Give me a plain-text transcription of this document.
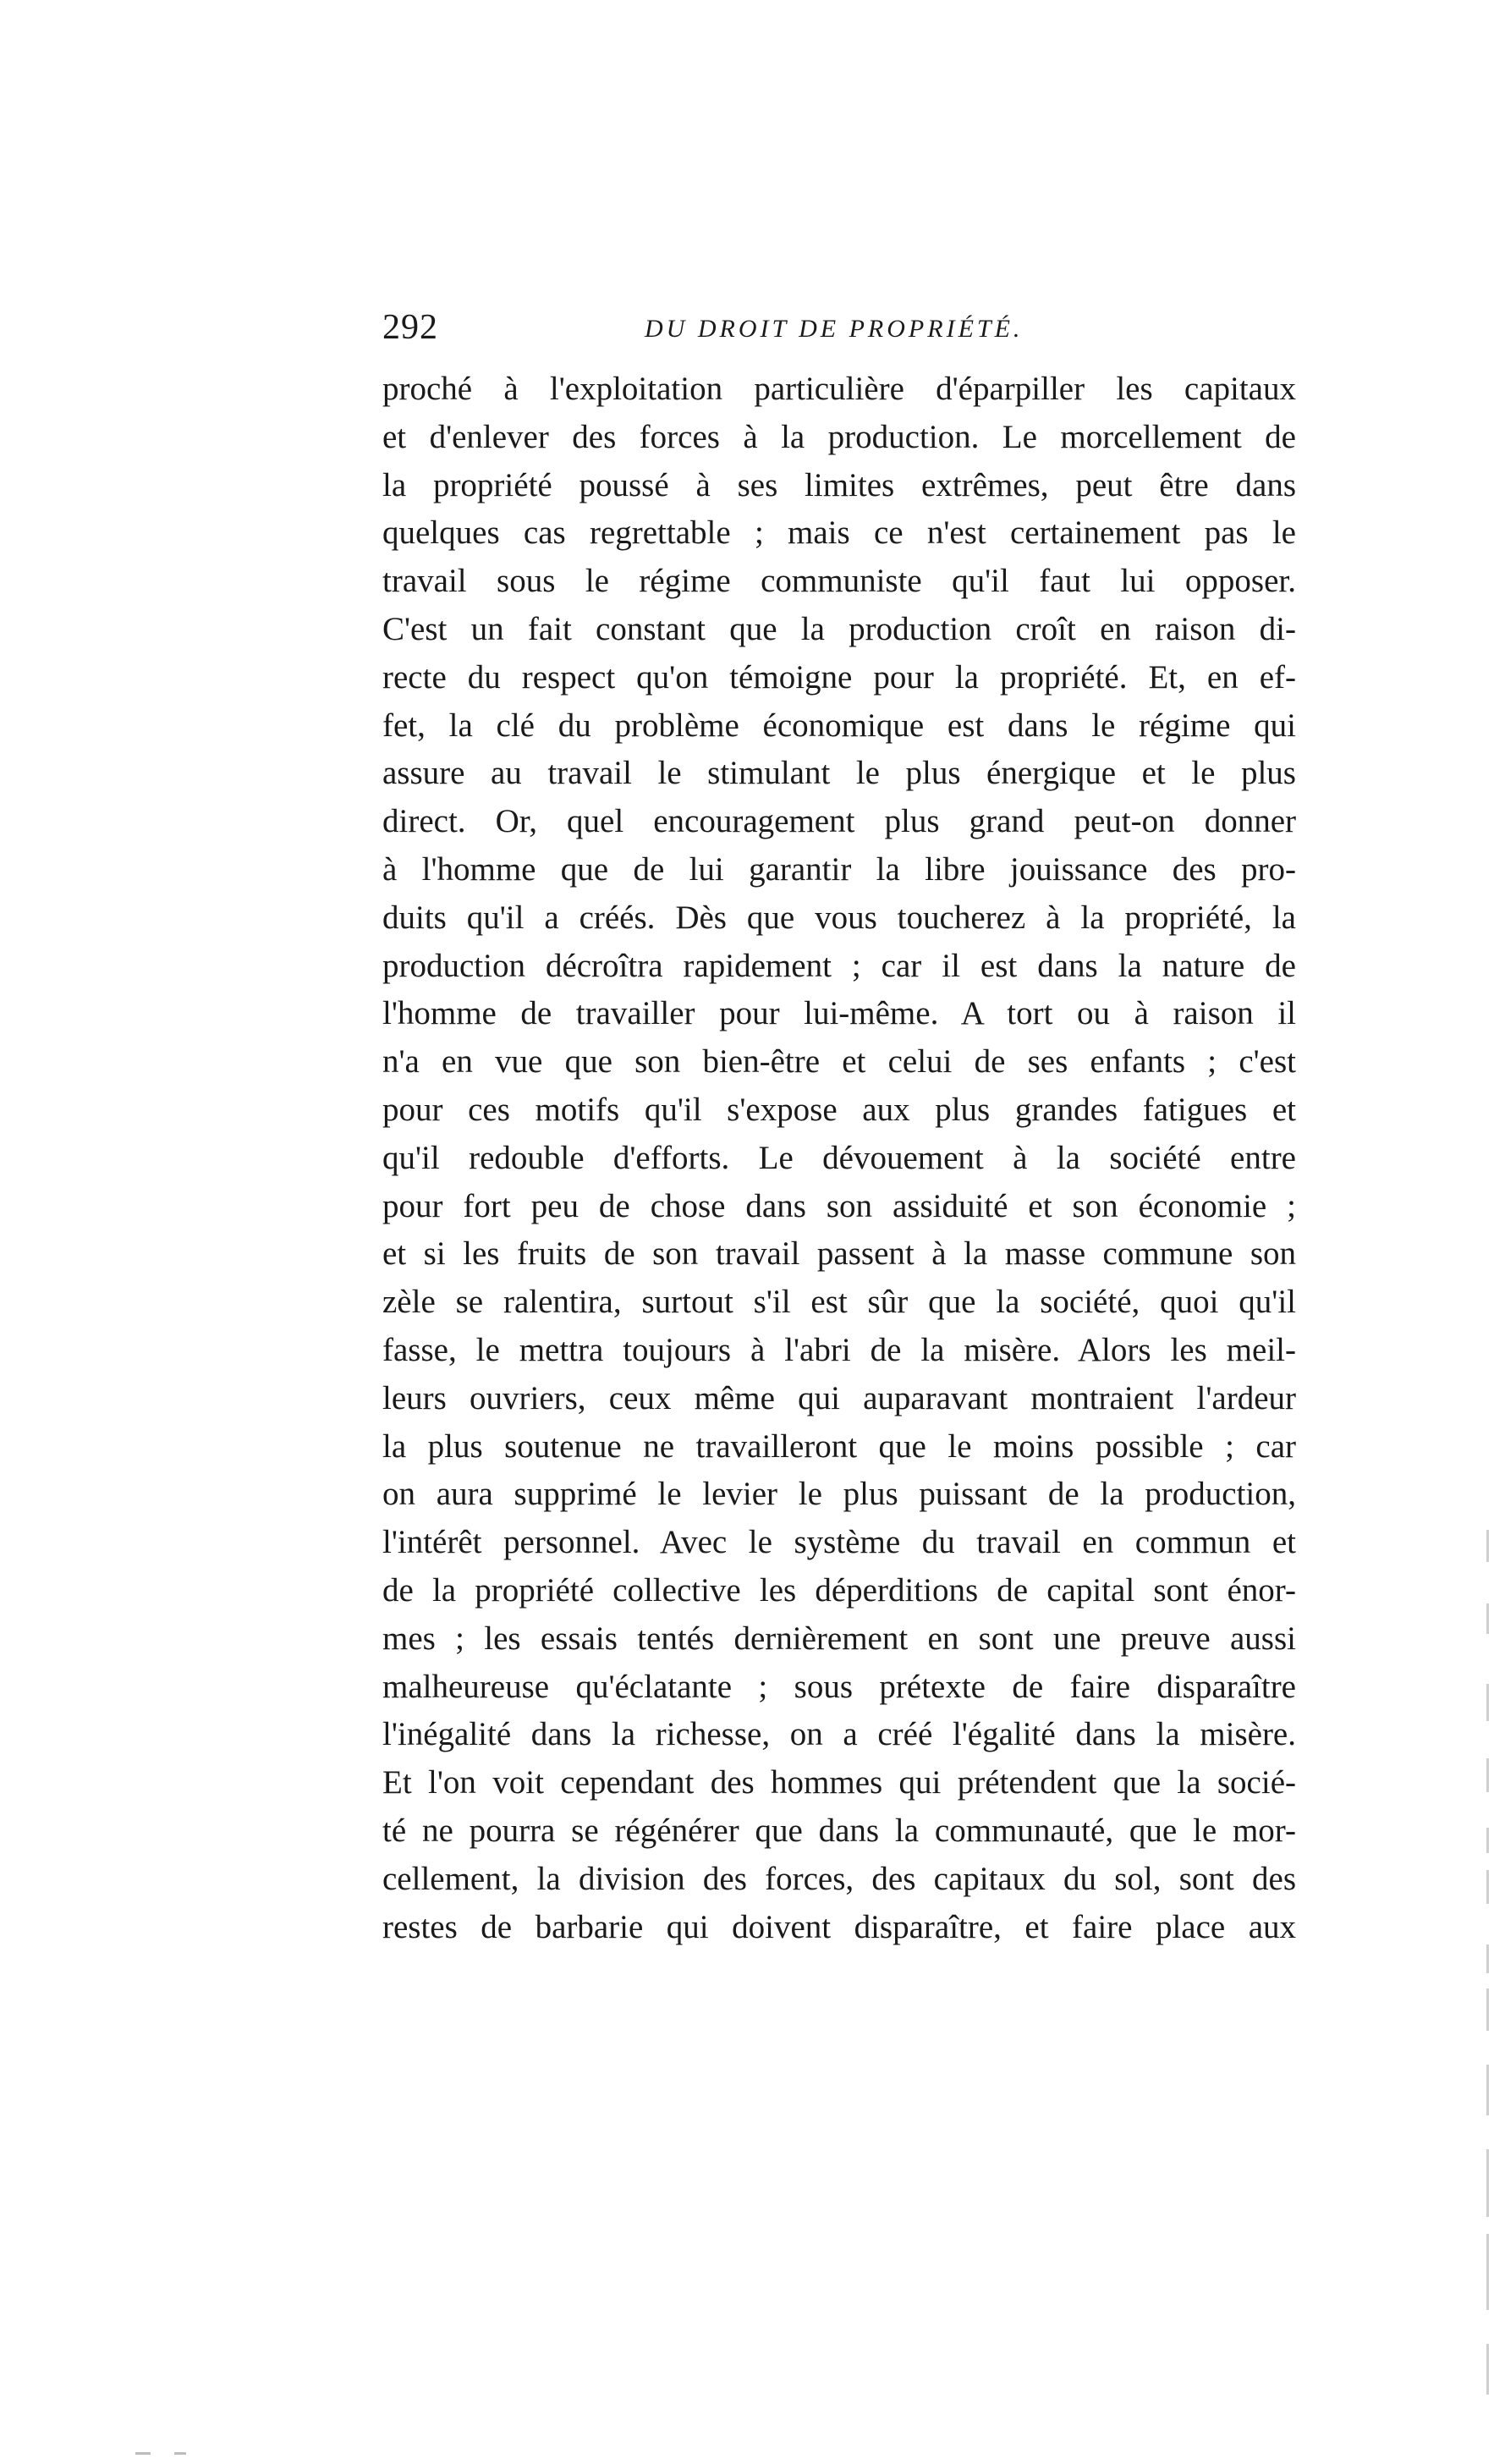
292	DU DROIT DE PROPRIÉTÉ.
proché à l'exploitation particulière d'éparpiller les capitaux
et d'enlever des forces à la production. Le morcellement de
la propriété poussé à ses limites extrêmes, peut être dans
quelques cas regrettable ; mais ce n'est certainement pas le
travail sous le régime communiste qu'il faut lui opposer.
C'est un fait constant que la production croît en raison di-
recte du respect qu'on témoigne pour la propriété. Et, en ef-
fet, la clé du problème économique est dans le régime qui
assure au travail le stimulant le plus énergique et le plus
direct. Or, quel encouragement plus grand peut-on donner
à l'homme que de lui garantir la libre jouissance des pro-
duits qu'il a créés. Dès que vous toucherez à la propriété, la
production décroîtra rapidement ; car il est dans la nature de
l'homme de travailler pour lui-même. A tort ou à raison il
n'a en vue que son bien-être et celui de ses enfants ; c'est
pour ces motifs qu'il s'expose aux plus grandes fatigues et
qu'il redouble d'efforts. Le dévouement à la société entre
pour fort peu de chose dans son assiduité et son économie ;
et si les fruits de son travail passent à la masse commune son
zèle se ralentira, surtout s'il est sûr que la société, quoi qu'il
fasse, le mettra toujours à l'abri de la misère. Alors les meil-
leurs ouvriers, ceux même qui auparavant montraient l'ardeur
la plus soutenue ne travailleront que le moins possible ; car
on aura supprimé le levier le plus puissant de la production,
l'intérêt personnel. Avec le système du travail en commun et
de la propriété collective les déperditions de capital sont énor-
mes ; les essais tentés dernièrement en sont une preuve aussi
malheureuse qu'éclatante ; sous prétexte de faire disparaître
l'inégalité dans la richesse, on a créé l'égalité dans la misère.
Et l'on voit cependant des hommes qui prétendent que la socié-
té ne pourra se régénérer que dans la communauté, que le mor-
cellement, la division des forces, des capitaux du sol, sont des
restes de barbarie qui doivent disparaître, et faire place aux
